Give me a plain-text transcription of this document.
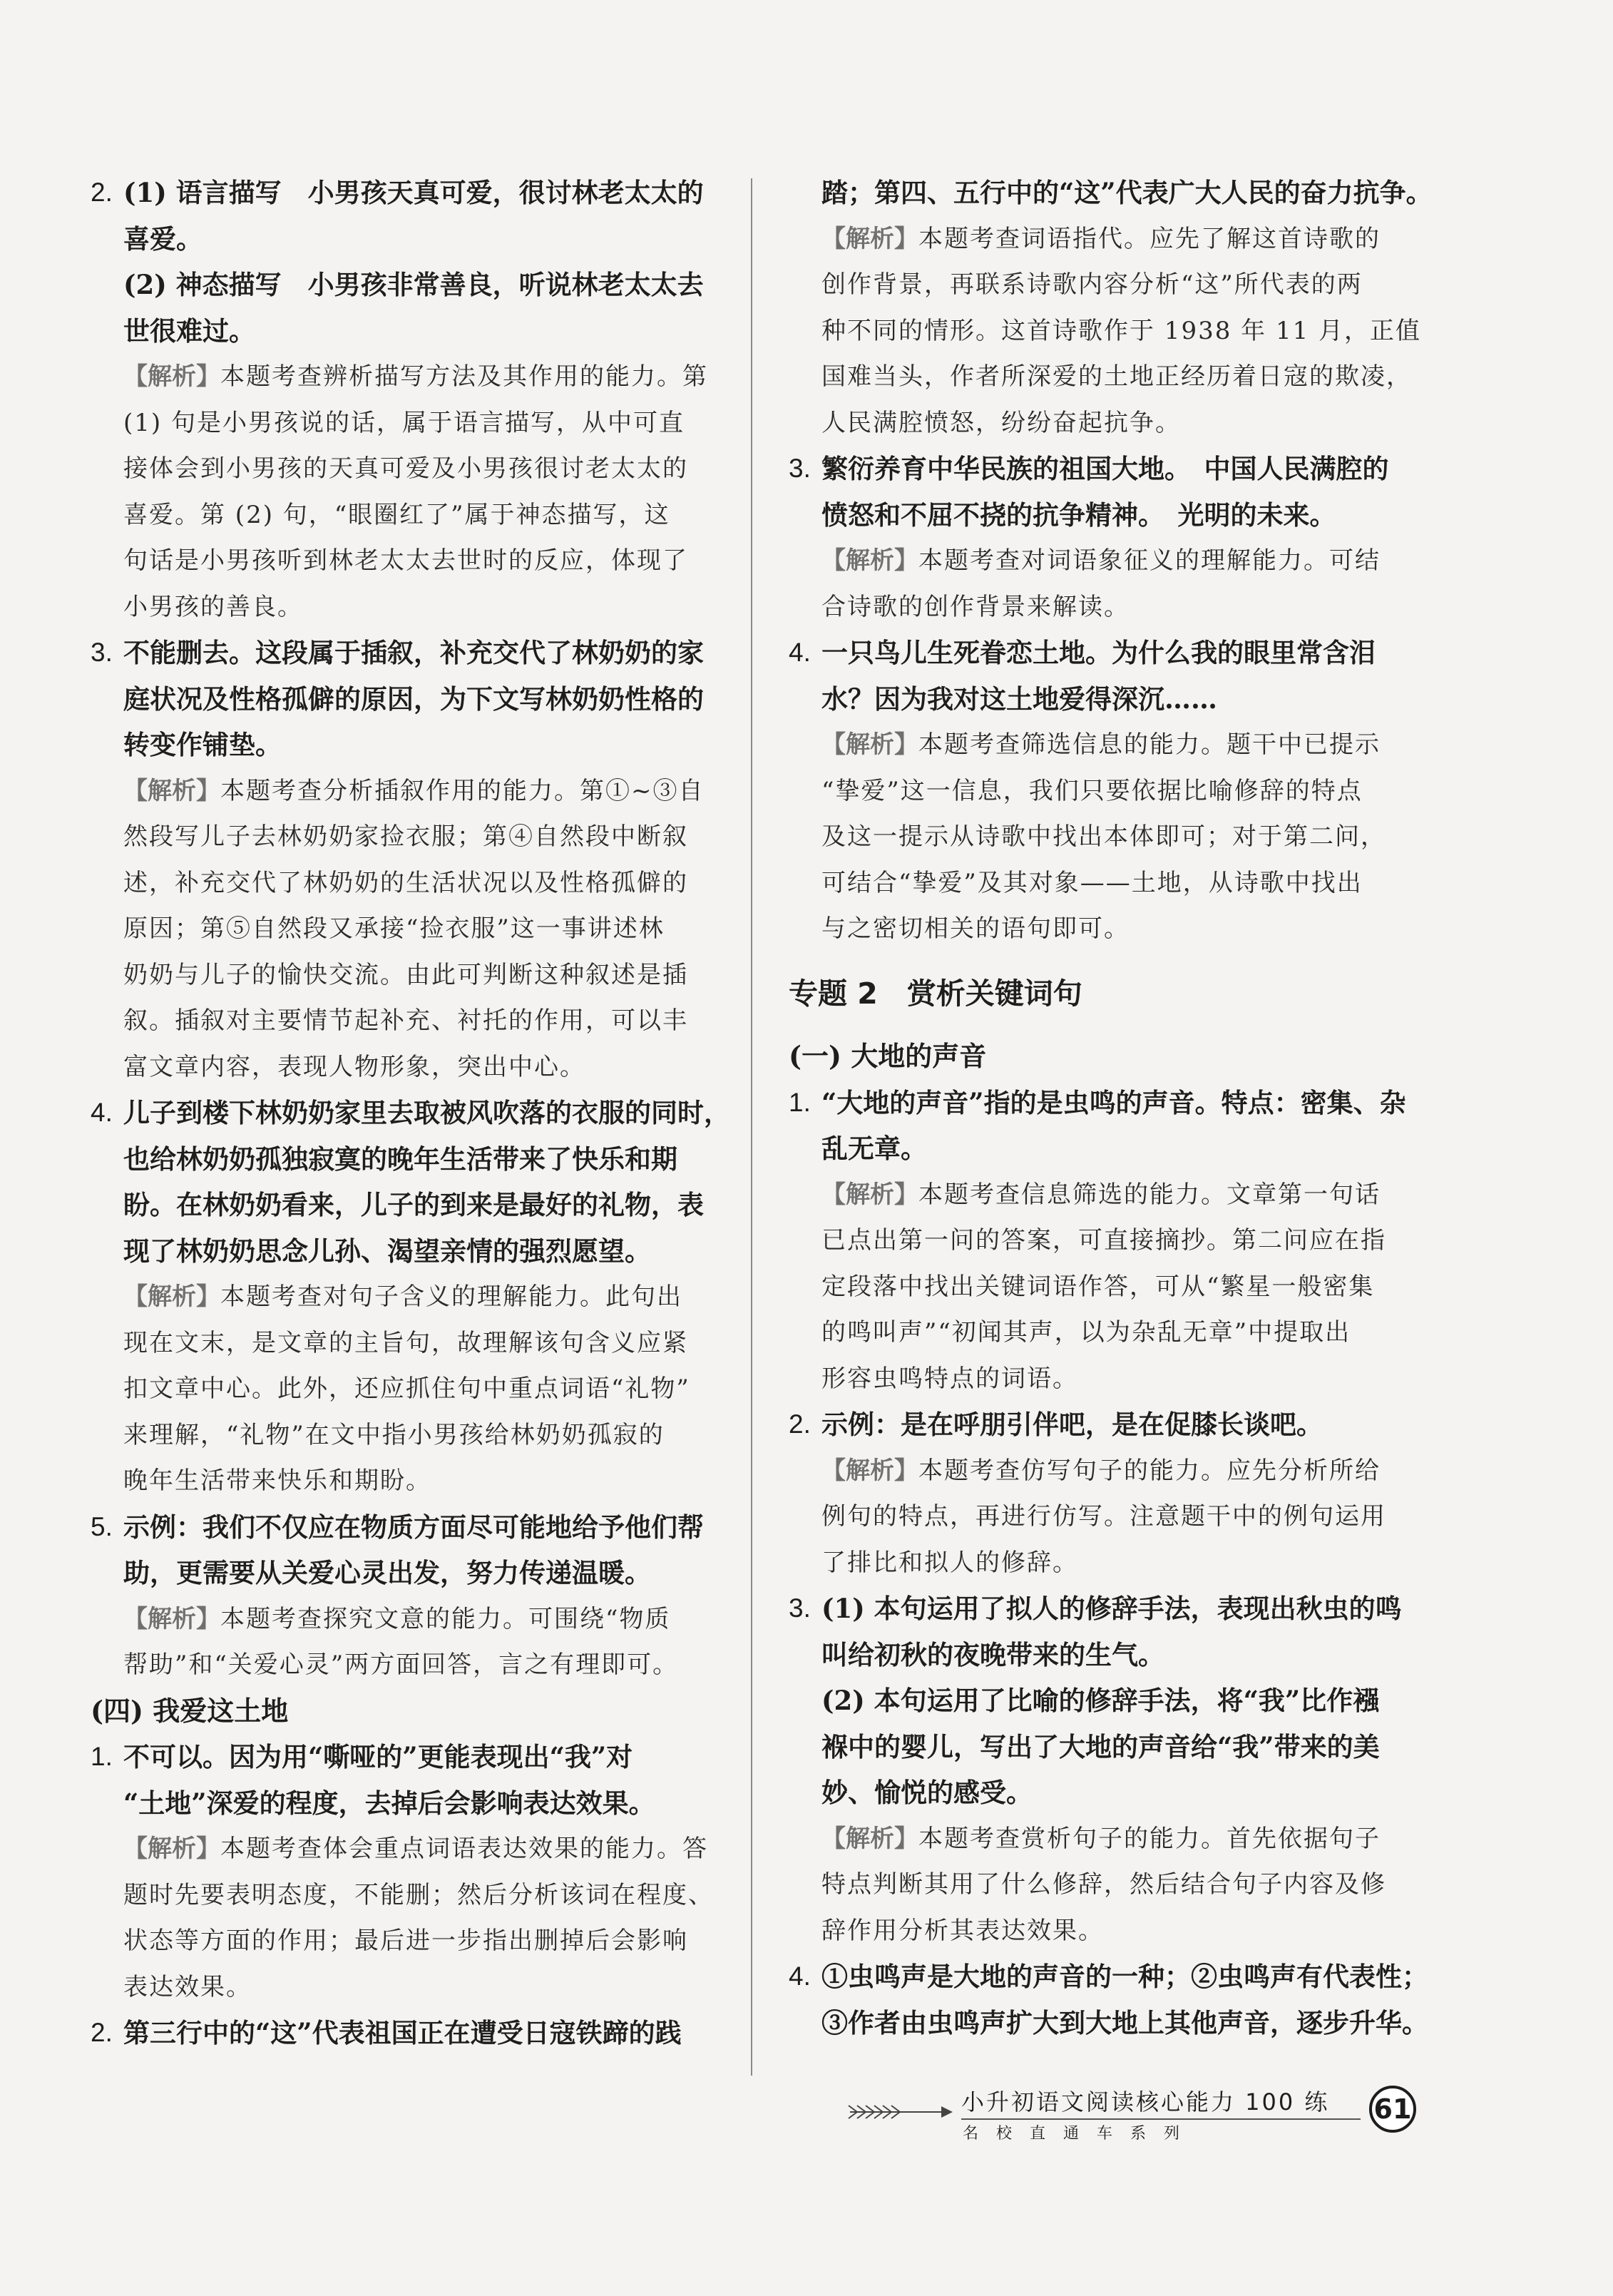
2. (1) 语言描写　小男孩天真可爱，很讨林老太太的
喜爱。
(2) 神态描写　小男孩非常善良，听说林老太太去
世很难过。
【解析】本题考查辨析描写方法及其作用的能力。第
(1) 句是小男孩说的话，属于语言描写，从中可直
接体会到小男孩的天真可爱及小男孩很讨老太太的
喜爱。第 (2) 句，“眼圈红了”属于神态描写，这
句话是小男孩听到林老太太去世时的反应，体现了
小男孩的善良。
3. 不能删去。这段属于插叙，补充交代了林奶奶的家
庭状况及性格孤僻的原因，为下文写林奶奶性格的
转变作铺垫。
【解析】本题考查分析插叙作用的能力。第①~③自
然段写儿子去林奶奶家捡衣服；第④自然段中断叙
述，补充交代了林奶奶的生活状况以及性格孤僻的
原因；第⑤自然段又承接“捡衣服”这一事讲述林
奶奶与儿子的愉快交流。由此可判断这种叙述是插
叙。插叙对主要情节起补充、衬托的作用，可以丰
富文章内容，表现人物形象，突出中心。
4. 儿子到楼下林奶奶家里去取被风吹落的衣服的同时，
也给林奶奶孤独寂寞的晚年生活带来了快乐和期
盼。在林奶奶看来，儿子的到来是最好的礼物，表
现了林奶奶思念儿孙、渴望亲情的强烈愿望。
【解析】本题考查对句子含义的理解能力。此句出
现在文末，是文章的主旨句，故理解该句含义应紧
扣文章中心。此外，还应抓住句中重点词语“礼物”
来理解，“礼物”在文中指小男孩给林奶奶孤寂的
晚年生活带来快乐和期盼。
5. 示例：我们不仅应在物质方面尽可能地给予他们帮
助，更需要从关爱心灵出发，努力传递温暖。
【解析】本题考查探究文意的能力。可围绕“物质
帮助”和“关爱心灵”两方面回答，言之有理即可。
(四) 我爱这土地
1. 不可以。因为用“嘶哑的”更能表现出“我”对
“土地”深爱的程度，去掉后会影响表达效果。
【解析】本题考查体会重点词语表达效果的能力。答
题时先要表明态度，不能删；然后分析该词在程度、
状态等方面的作用；最后进一步指出删掉后会影响
表达效果。
2. 第三行中的“这”代表祖国正在遭受日寇铁蹄的践
踏；第四、五行中的“这”代表广大人民的奋力抗争。
【解析】本题考查词语指代。应先了解这首诗歌的
创作背景，再联系诗歌内容分析“这”所代表的两
种不同的情形。这首诗歌作于 1938 年 11 月，正值
国难当头，作者所深爱的土地正经历着日寇的欺凌，
人民满腔愤怒，纷纷奋起抗争。
3. 繁衍养育中华民族的祖国大地。　中国人民满腔的
愤怒和不屈不挠的抗争精神。　光明的未来。
【解析】本题考查对词语象征义的理解能力。可结
合诗歌的创作背景来解读。
4. 一只鸟儿生死眷恋土地。为什么我的眼里常含泪
水？因为我对这土地爱得深沉……
【解析】本题考查筛选信息的能力。题干中已提示
“挚爱”这一信息，我们只要依据比喻修辞的特点
及这一提示从诗歌中找出本体即可；对于第二问，
可结合“挚爱”及其对象——土地，从诗歌中找出
与之密切相关的语句即可。
专题 2　赏析关键词句
(一) 大地的声音
1. “大地的声音”指的是虫鸣的声音。特点：密集、杂
乱无章。
【解析】本题考查信息筛选的能力。文章第一句话
已点出第一问的答案，可直接摘抄。第二问应在指
定段落中找出关键词语作答，可从“繁星一般密集
的鸣叫声”“初闻其声，以为杂乱无章”中提取出
形容虫鸣特点的词语。
2. 示例：是在呼朋引伴吧，是在促膝长谈吧。
【解析】本题考查仿写句子的能力。应先分析所给
例句的特点，再进行仿写。注意题干中的例句运用
了排比和拟人的修辞。
3. (1) 本句运用了拟人的修辞手法，表现出秋虫的鸣
叫给初秋的夜晚带来的生气。
(2) 本句运用了比喻的修辞手法，将“我”比作襁
褓中的婴儿，写出了大地的声音给“我”带来的美
妙、愉悦的感受。
【解析】本题考查赏析句子的能力。首先依据句子
特点判断其用了什么修辞，然后结合句子内容及修
辞作用分析其表达效果。
4. ①虫鸣声是大地的声音的一种；②虫鸣声有代表性；
③作者由虫鸣声扩大到大地上其他声音，逐步升华。
小升初语文阅读核心能力 100 练
名校直通车系列
61
